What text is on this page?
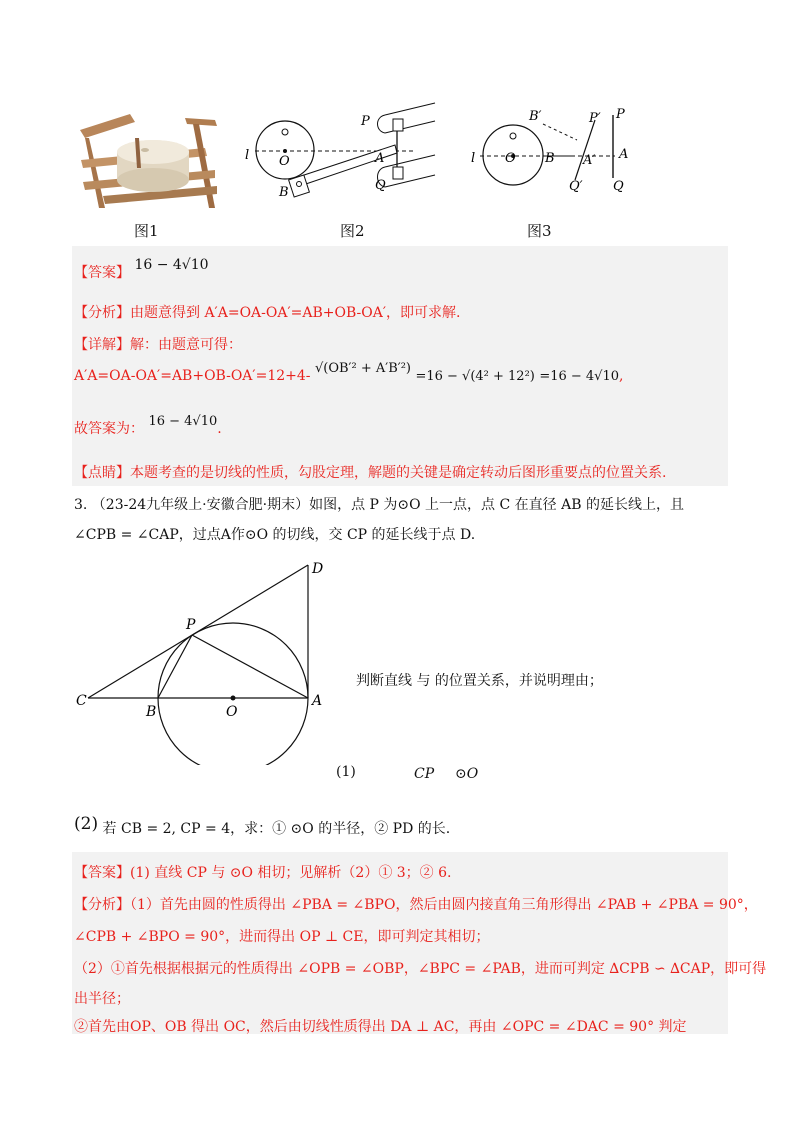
图1
P
l O	A
B	Q
图2
B′	P′ P
l O B A′ A
Q′ Q
图3
【答案】 16 − 4√10
【分析】由题意得到 A′A=OA-OA′=AB+OB-OA′，即可求解.
【详解】解：由题意可得：
A′A=OA-OA′=AB+OB-OA′=12+4- √(OB′² + A′B′²) =16 − √(4² + 12²) =16 − 4√10,
故答案为： 16 − 4√10.
【点睛】本题考查的是切线的性质，勾股定理，解题的关键是确定转动后图形重要点的位置关系.
3. （23-24九年级上·安徽合肥·期末）如图，点 P 为⊙O 上一点，点 C 在直径 AB 的延长线上，且
∠CPB = ∠CAP，过点A作⊙O 的切线，交 CP 的延长线于点 D.
C
B	O
A
P
D
判断直线 与 的位置关系，并说明理由；
(1)	CP ⊙O
(2) 若 CB = 2, CP = 4，求：① ⊙O 的半径，② PD 的长.
【答案】(1) 直线 CP 与 ⊙O 相切；见解析（2）① 3；② 6.
【分析】（1）首先由圆的性质得出 ∠PBA = ∠BPO，然后由圆内接直角三角形得出 ∠PAB + ∠PBA = 90°，
∠CPB + ∠BPO = 90°，进而得出 OP ⊥ CE，即可判定其相切；
（2）①首先根据根据元的性质得出 ∠OPB = ∠OBP，∠BPC = ∠PAB，进而可判定 ∆CPB ∽ ∆CAP，即可得
出半径；
②首先由OP、OB 得出 OC，然后由切线性质得出 DA ⊥ AC，再由 ∠OPC = ∠DAC = 90° 判定
